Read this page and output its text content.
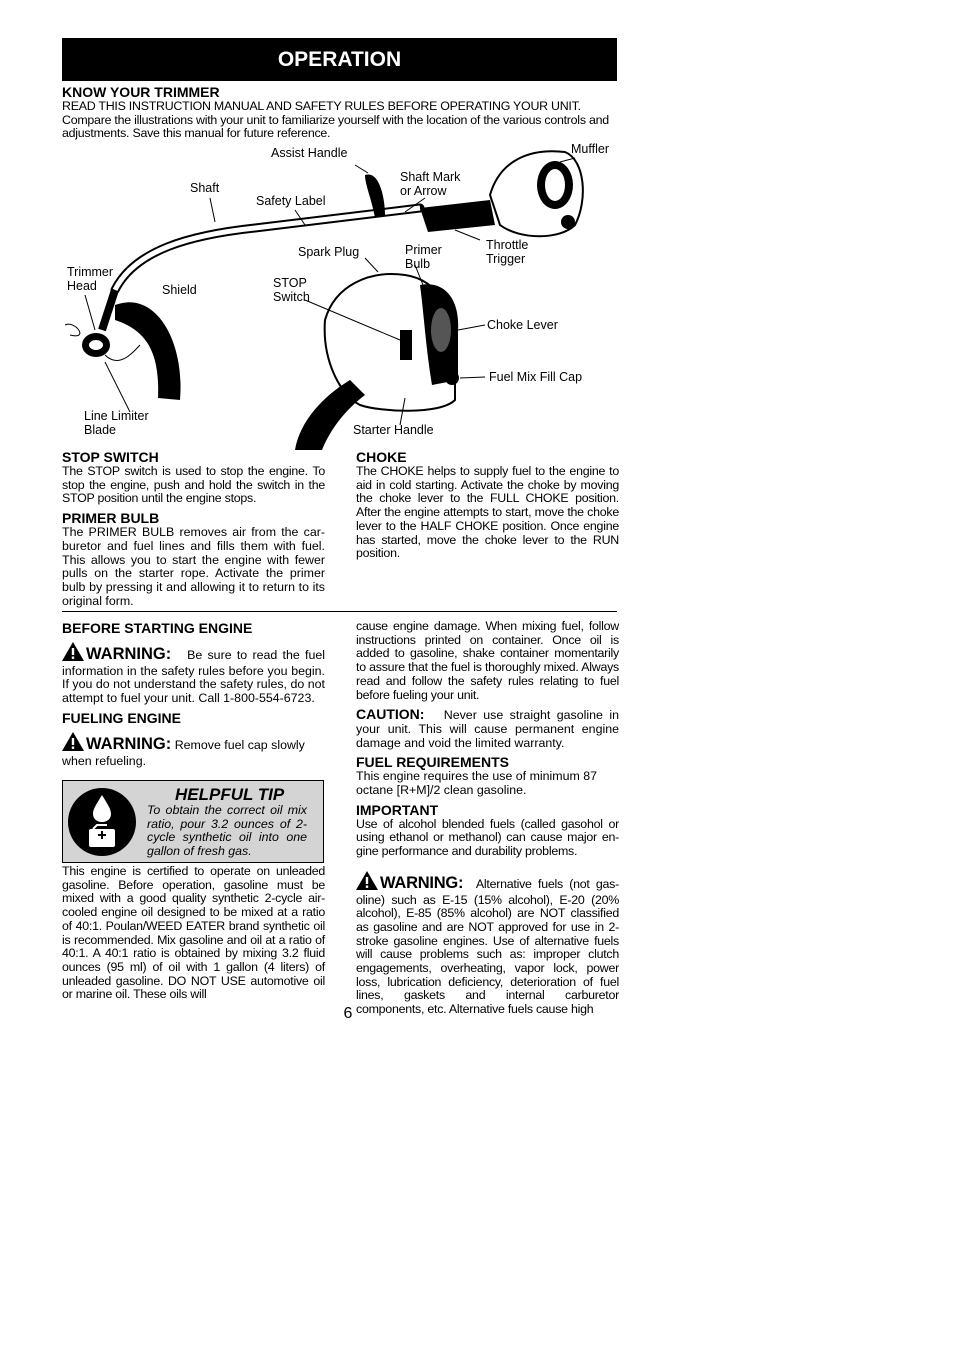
OPERATION

KNOW YOUR TRIMMER

READ THIS INSTRUCTION MANUAL AND SAFETY RULES BEFORE OPERATING YOUR UNIT.

Compare the illustrations with your unit to familiarize yourself with the location of the various controls and adjustments. Save this manual for future reference.

Assist Handle	Muffler
Shaft
Shaft Mark
or Arrow
Safety Label
Spark Plug	Primer
Bulb
Throttle
Trigger
Trimmer
Head	Shield	STOP
Switch
Choke Lever
Fuel Mix Fill Cap
Line Limiter
Blade	Starter Handle

STOP SWITCH

The STOP switch is used to stop the engine. To stop the engine, push and hold the switch in the STOP position until the engine stops.

PRIMER BULB

The PRIMER BULB removes air from the car- buretor and fuel lines and fills them with fuel. This allows you to start the engine with fewer pulls on the starter rope. Activate the primer bulb by pressing it and allowing it to return to its original form.

CHOKE

The CHOKE helps to supply fuel to the engine to aid in cold starting. Activate the choke by moving the choke lever to the FULL CHOKE position. After the engine attempts to start, move the choke lever to the HALF CHOKE position. Once engine has started, move the choke lever to the RUN position.

BEFORE STARTING ENGINE

WARNING: Be sure to read the fuel information in the safety rules before you begin. If you do not understand the safety rules, do not attempt to fuel your unit. Call 1-800-554-6723.

FUELING ENGINE

WARNING: Remove fuel cap slowly when refueling.

HELPFUL TIP
To obtain the correct oil mix ratio, pour 3.2 ounces of 2-cycle synthetic oil into one gallon of fresh gas.

This engine is certified to operate on unleaded gasoline. Before operation, gasoline must be mixed with a good quality synthetic 2-cycle air-cooled engine oil designed to be mixed at a ratio of 40:1. Poulan/WEED EATER brand synthetic oil is recommended. Mix gasoline and oil at a ratio of 40:1. A 40:1 ratio is obtained by mixing 3.2 fluid ounces (95 ml) of oil with 1 gallon (4 liters) of unleaded gasoline. DO NOT USE automotive oil or marine oil. These oils will

cause engine damage. When mixing fuel, follow instructions printed on container. Once oil is added to gasoline, shake container momentarily to assure that the fuel is thoroughly mixed. Always read and follow the safety rules relating to fuel before fueling your unit.

CAUTION: Never use straight gasoline in your unit. This will cause permanent engine damage and void the limited warranty.

FUEL REQUIREMENTS

This engine requires the use of minimum 87 octane [R+M]/2 clean gasoline.

IMPORTANT

Use of alcohol blended fuels (called gasohol or using ethanol or methanol) can cause major en- gine performance and durability problems.

WARNING: Alternative fuels (not gas- oline) such as E-15 (15% alcohol), E-20 (20% alcohol), E-85 (85% alcohol) are NOT classified as gasoline and are NOT approved for use in 2-stroke gasoline engines. Use of alternative fuels will cause problems such as: improper clutch engagements, overheating, vapor lock, power loss, lubrication deficiency, deterioration of fuel lines, gaskets and internal carburetor components, etc. Alternative fuels cause high

6
